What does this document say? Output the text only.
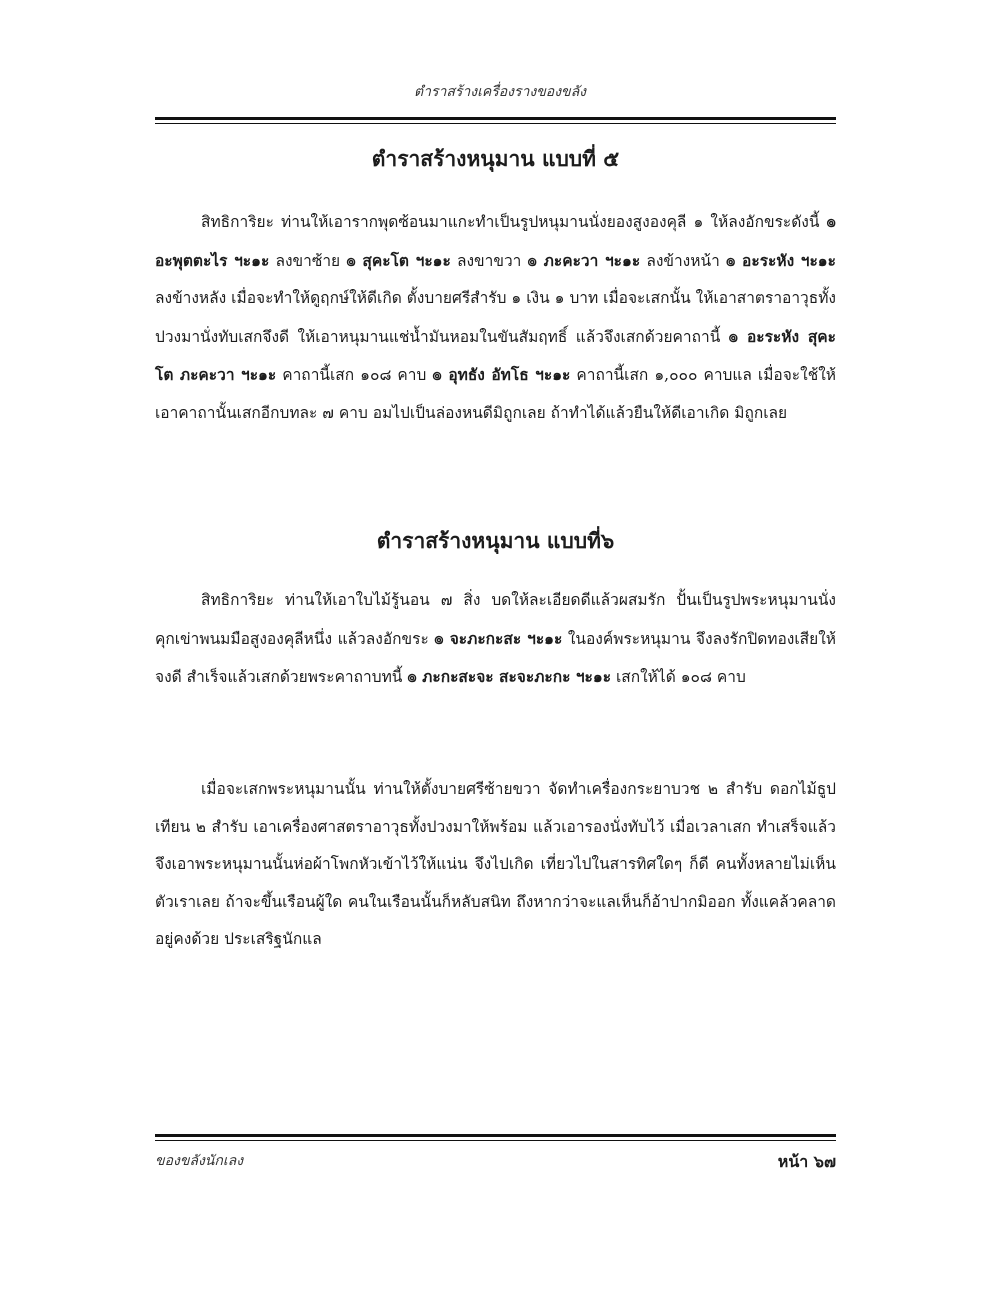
ตำราสร้างเครื่องรางของขลัง
ตำราสร้างหนุมาน แบบที่ ๕

สิทธิการิยะ ท่านให้เอารากพุดซ้อนมาแกะทำเป็นรูปหนุมานนั่งยองสูงองคุลี ๑ ให้ลงอักขระดังนี้ ๏ อะพุตตะไร ฯะ๑ะ ลงขาซ้าย ๏ สุคะโต ฯะ๑ะ ลงขาขวา ๏ ภะคะวา ฯะ๑ะ ลงข้างหน้า ๏ อะระหัง ฯะ๑ะ ลงข้างหลัง เมื่อจะทำให้ดูฤกษ์ให้ดีเกิด ตั้งบายศรีสำรับ ๑ เงิน ๑ บาท เมื่อจะเสกนั้น ให้เอาสาตราอาวุธทั้งปวงมานั่งทับเสกจึงดี ให้เอาหนุมานแช่น้ำมันหอมในขันสัมฤทธิ์ แล้วจึงเสกด้วยคาถานี้ ๏ อะระหัง สุคะโต ภะคะวา ฯะ๑ะ คาถานี้เสก ๑๐๘ คาบ ๏ อุทธัง อัทโธ ฯะ๑ะ คาถานี้เสก ๑,๐๐๐ คาบแล เมื่อจะใช้ให้เอาคาถานั้นเสกอีกบทละ ๗ คาบ อมไปเป็นล่องหนดีมิถูกเลย ถ้าทำได้แล้วยืนให้ดีเอาเกิด มิถูกเลย

ตำราสร้างหนุมาน แบบที่๖

สิทธิการิยะ ท่านให้เอาใบไม้รู้นอน ๗ สิ่ง บดให้ละเอียดดีแล้วผสมรัก ปั้นเป็นรูปพระหนุมานนั่งคุกเข่าพนมมือสูงองคุลีหนึ่ง แล้วลงอักขระ ๏ จะภะกะสะ ฯะ๑ะ ในองค์พระหนุมาน จึงลงรักปิดทองเสียให้จงดี สำเร็จแล้วเสกด้วยพระคาถาบทนี้ ๏ ภะกะสะจะ สะจะภะกะ ฯะ๑ะ เสกให้ได้ ๑๐๘ คาบ

เมื่อจะเสกพระหนุมานนั้น ท่านให้ตั้งบายศรีซ้ายขวา จัดทำเครื่องกระยาบวช ๒ สำรับ ดอกไม้ธูปเทียน ๒ สำรับ เอาเครื่องศาสตราอาวุธทั้งปวงมาให้พร้อม แล้วเอารองนั่งทับไว้ เมื่อเวลาเสก ทำเสร็จแล้วจึงเอาพระหนุมานนั้นห่อผ้าโพกหัวเข้าไว้ให้แน่น จึงไปเกิด เที่ยวไปในสารทิศใดๆ ก็ดี คนทั้งหลายไม่เห็นตัวเราเลย ถ้าจะขึ้นเรือนผู้ใด คนในเรือนนั้นก็หลับสนิท ถึงหากว่าจะแลเห็นก็อ้าปากมิออก ทั้งแคล้วคลาดอยู่คงด้วย ประเสริฐนักแล

ของขลังนักเลง	หน้า ๖๗
